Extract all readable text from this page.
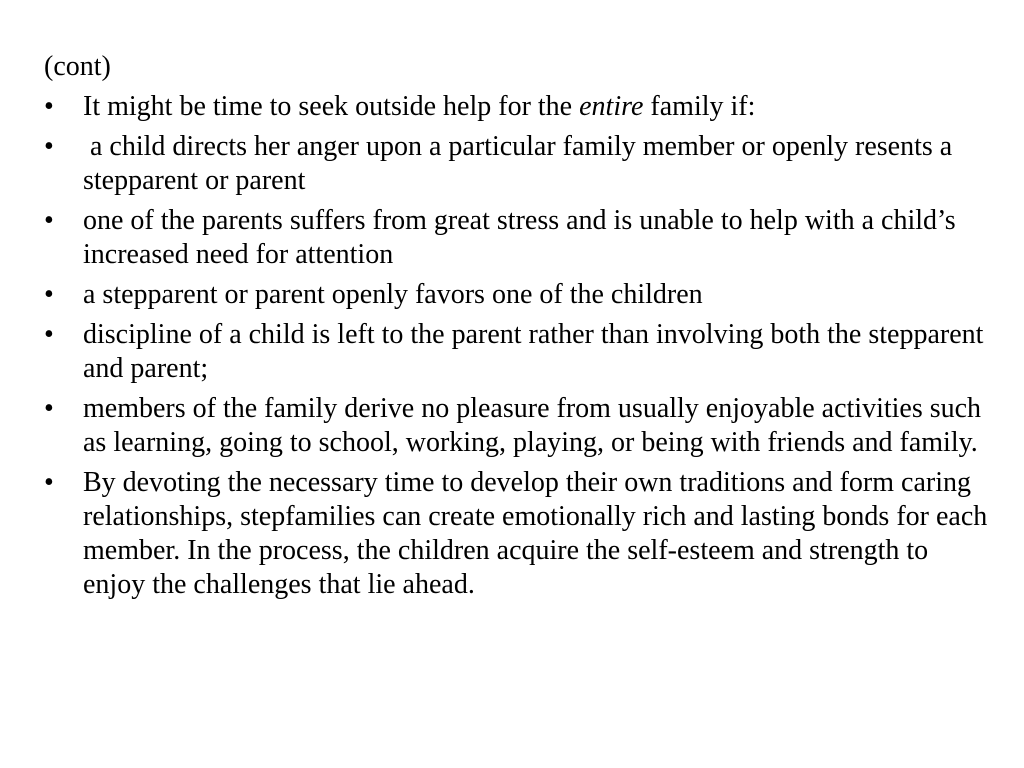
(cont)
• It might be time to seek outside help for the entire family if:
• a child directs her anger upon a particular family member or openly resents a stepparent or parent
• one of the parents suffers from great stress and is unable to help with a child’s increased need for attention
• a stepparent or parent openly favors one of the children
• discipline of a child is left to the parent rather than involving both the stepparent and parent;
• members of the family derive no pleasure from usually enjoyable activities such as learning, going to school, working, playing, or being with friends and family.
• By devoting the necessary time to develop their own traditions and form caring relationships, stepfamilies can create emotionally rich and lasting bonds for each member. In the process, the children acquire the self-esteem and strength to enjoy the challenges that lie ahead.
